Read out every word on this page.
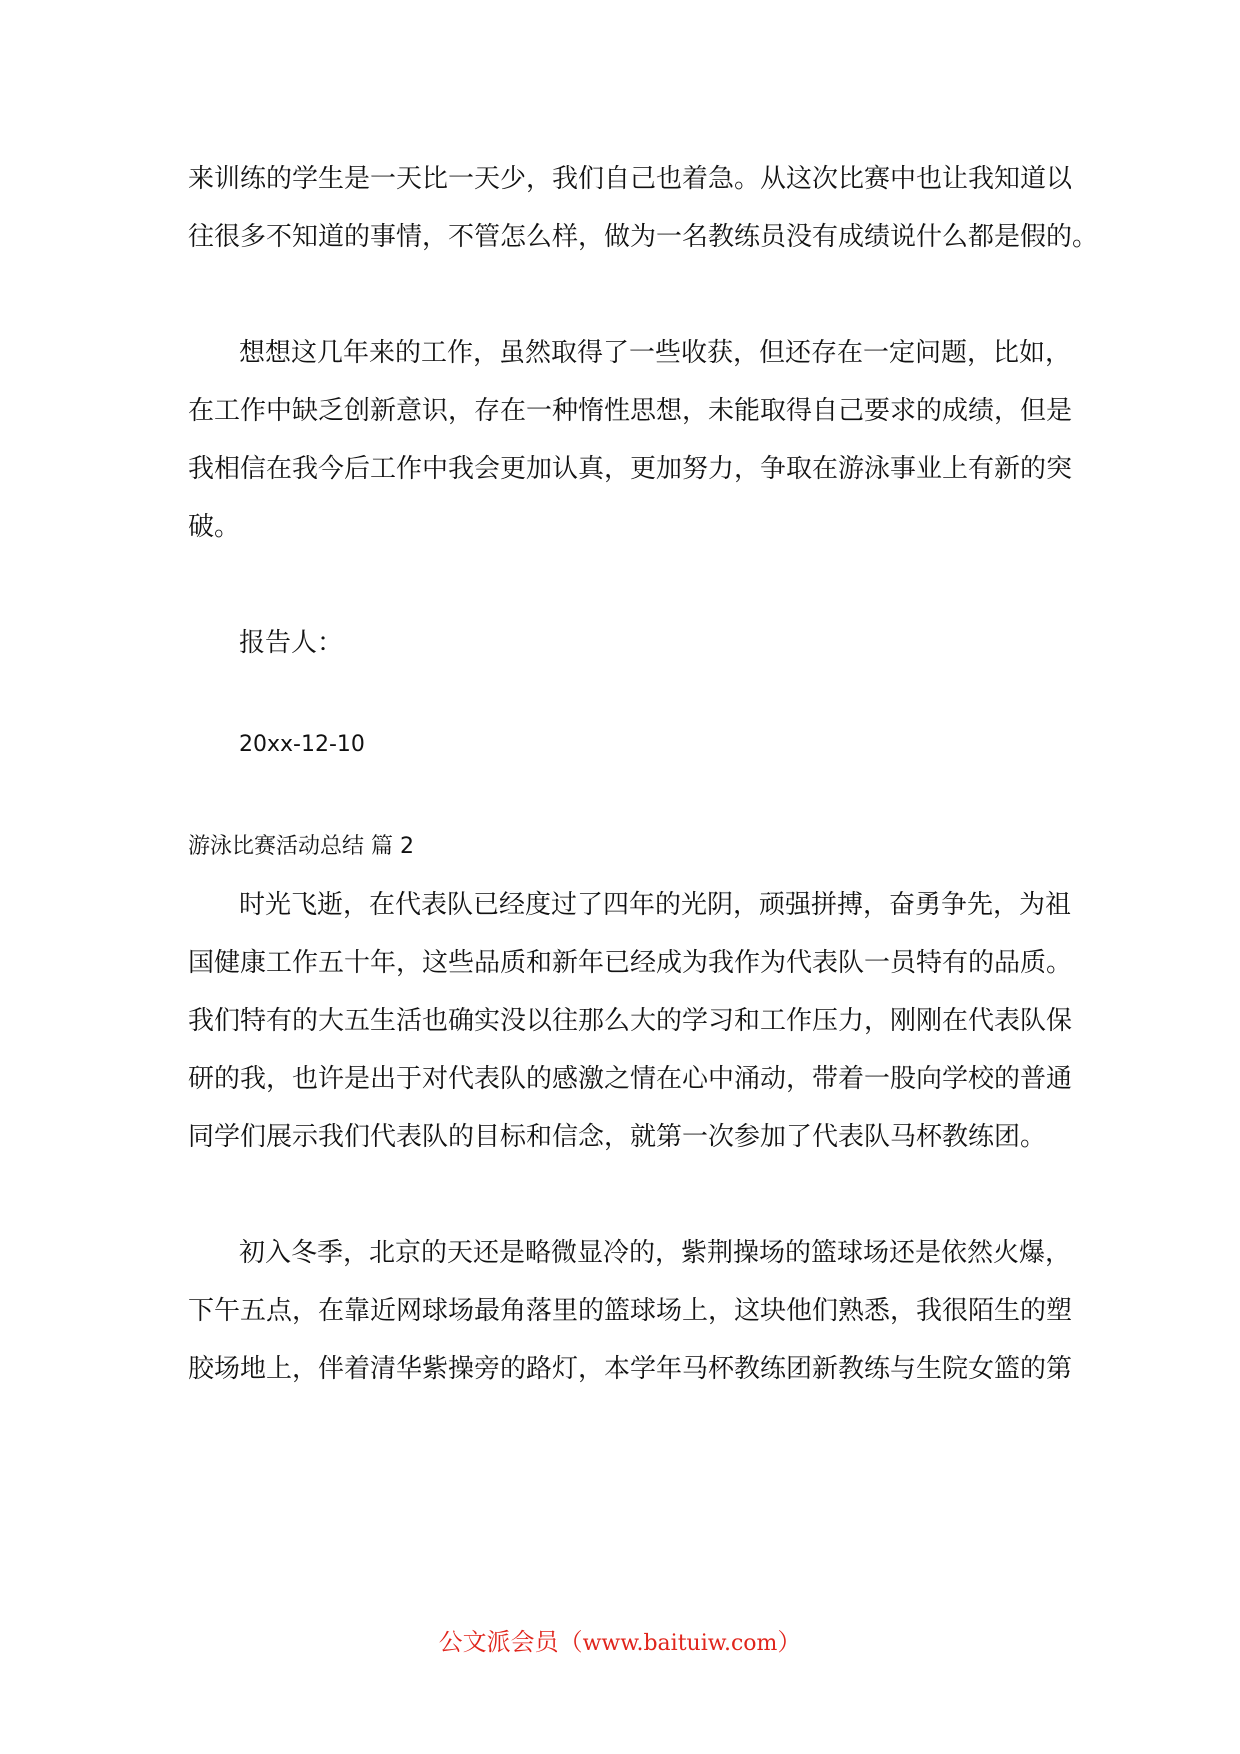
来训练的学生是一天比一天少，我们自己也着急。从这次比赛中也让我知道以
往很多不知道的事情，不管怎么样，做为一名教练员没有成绩说什么都是假的。
想想这几年来的工作，虽然取得了一些收获，但还存在一定问题，比如，
在工作中缺乏创新意识，存在一种惰性思想，未能取得自己要求的成绩，但是
我相信在我今后工作中我会更加认真，更加努力，争取在游泳事业上有新的突
破。
报告人：
20xx-12-10
游泳比赛活动总结 篇 2
时光飞逝，在代表队已经度过了四年的光阴，顽强拼搏，奋勇争先，为祖
国健康工作五十年，这些品质和新年已经成为我作为代表队一员特有的品质。
我们特有的大五生活也确实没以往那么大的学习和工作压力，刚刚在代表队保
研的我，也许是出于对代表队的感激之情在心中涌动，带着一股向学校的普通
同学们展示我们代表队的目标和信念，就第一次参加了代表队马杯教练团。
初入冬季，北京的天还是略微显冷的，紫荆操场的篮球场还是依然火爆，
下午五点，在靠近网球场最角落里的篮球场上，这块他们熟悉，我很陌生的塑
胶场地上，伴着清华紫操旁的路灯，本学年马杯教练团新教练与生院女篮的第
公文派会员（www.baituiw.com）
